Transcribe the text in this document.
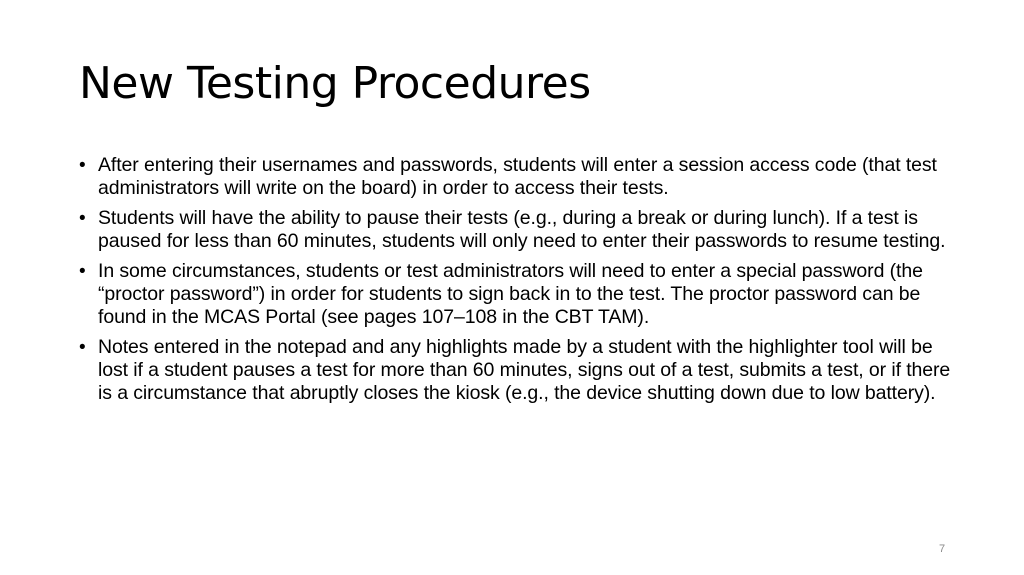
New Testing Procedures
• After entering their usernames and passwords, students will enter a session access code (that test administrators will write on the board) in order to access their tests.
• Students will have the ability to pause their tests (e.g., during a break or during lunch). If a test is paused for less than 60 minutes, students will only need to enter their passwords to resume testing.
• In some circumstances, students or test administrators will need to enter a special password (the “proctor password”) in order for students to sign back in to the test. The proctor password can be found in the MCAS Portal (see pages 107–108 in the CBT TAM).
• Notes entered in the notepad and any highlights made by a student with the highlighter tool will be lost if a student pauses a test for more than 60 minutes, signs out of a test, submits a test, or if there is a circumstance that abruptly closes the kiosk (e.g., the device shutting down due to low battery).
7
